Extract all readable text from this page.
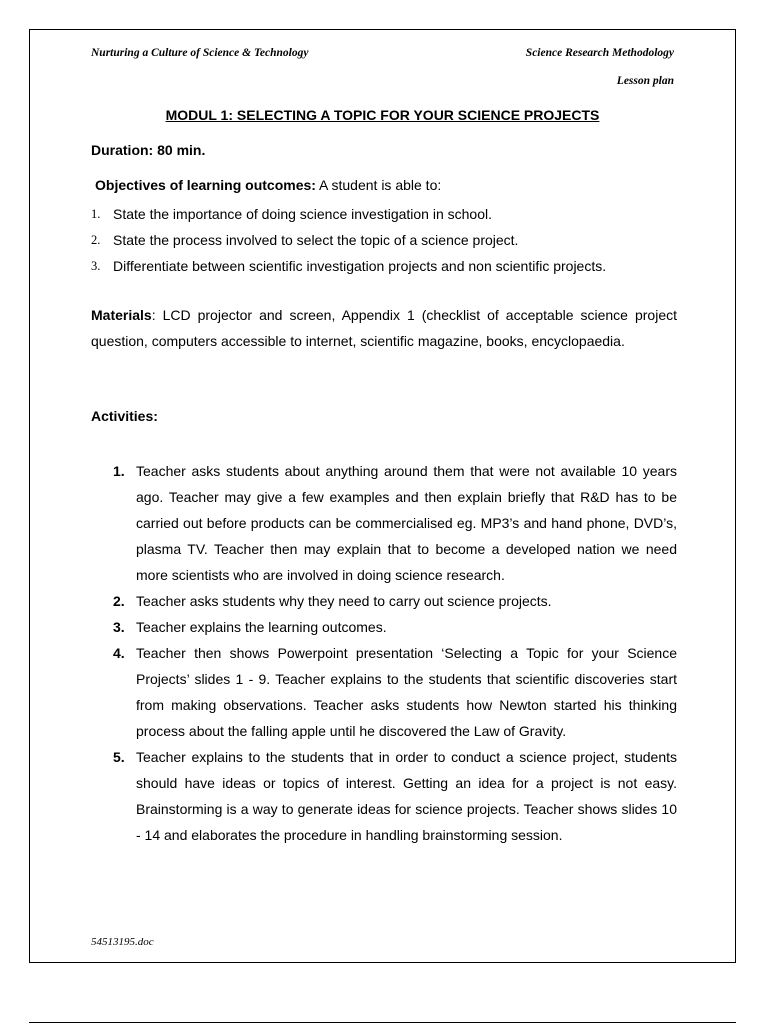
Nurturing a Culture of Science & Technology	Science Research Methodology
Lesson plan
MODUL 1: SELECTING A TOPIC FOR YOUR SCIENCE PROJECTS
Duration: 80 min.
Objectives of learning outcomes: A student is able to:
1. State the importance of doing science investigation in school.
2. State the process involved to select the topic of a science project.
3. Differentiate between scientific investigation projects and non scientific projects.
Materials: LCD projector and screen, Appendix 1 (checklist of acceptable science project question, computers accessible to internet, scientific magazine, books, encyclopaedia.
Activities:
1. Teacher asks students about anything around them that were not available 10 years ago. Teacher may give a few examples and then explain briefly that R&D has to be carried out before products can be commercialised eg. MP3’s and hand phone, DVD’s, plasma TV. Teacher then may explain that to become a developed nation we need more scientists who are involved in doing science research.
2. Teacher asks students why they need to carry out science projects.
3. Teacher explains the learning outcomes.
4. Teacher then shows Powerpoint presentation ‘Selecting a Topic for your Science Projects’ slides 1 - 9. Teacher explains to the students that scientific discoveries start from making observations. Teacher asks students how Newton started his thinking process about the falling apple until he discovered the Law of Gravity.
5. Teacher explains to the students that in order to conduct a science project, students should have ideas or topics of interest. Getting an idea for a project is not easy. Brainstorming is a way to generate ideas for science projects. Teacher shows slides 10 - 14 and elaborates the procedure in handling brainstorming session.
54513195.doc
